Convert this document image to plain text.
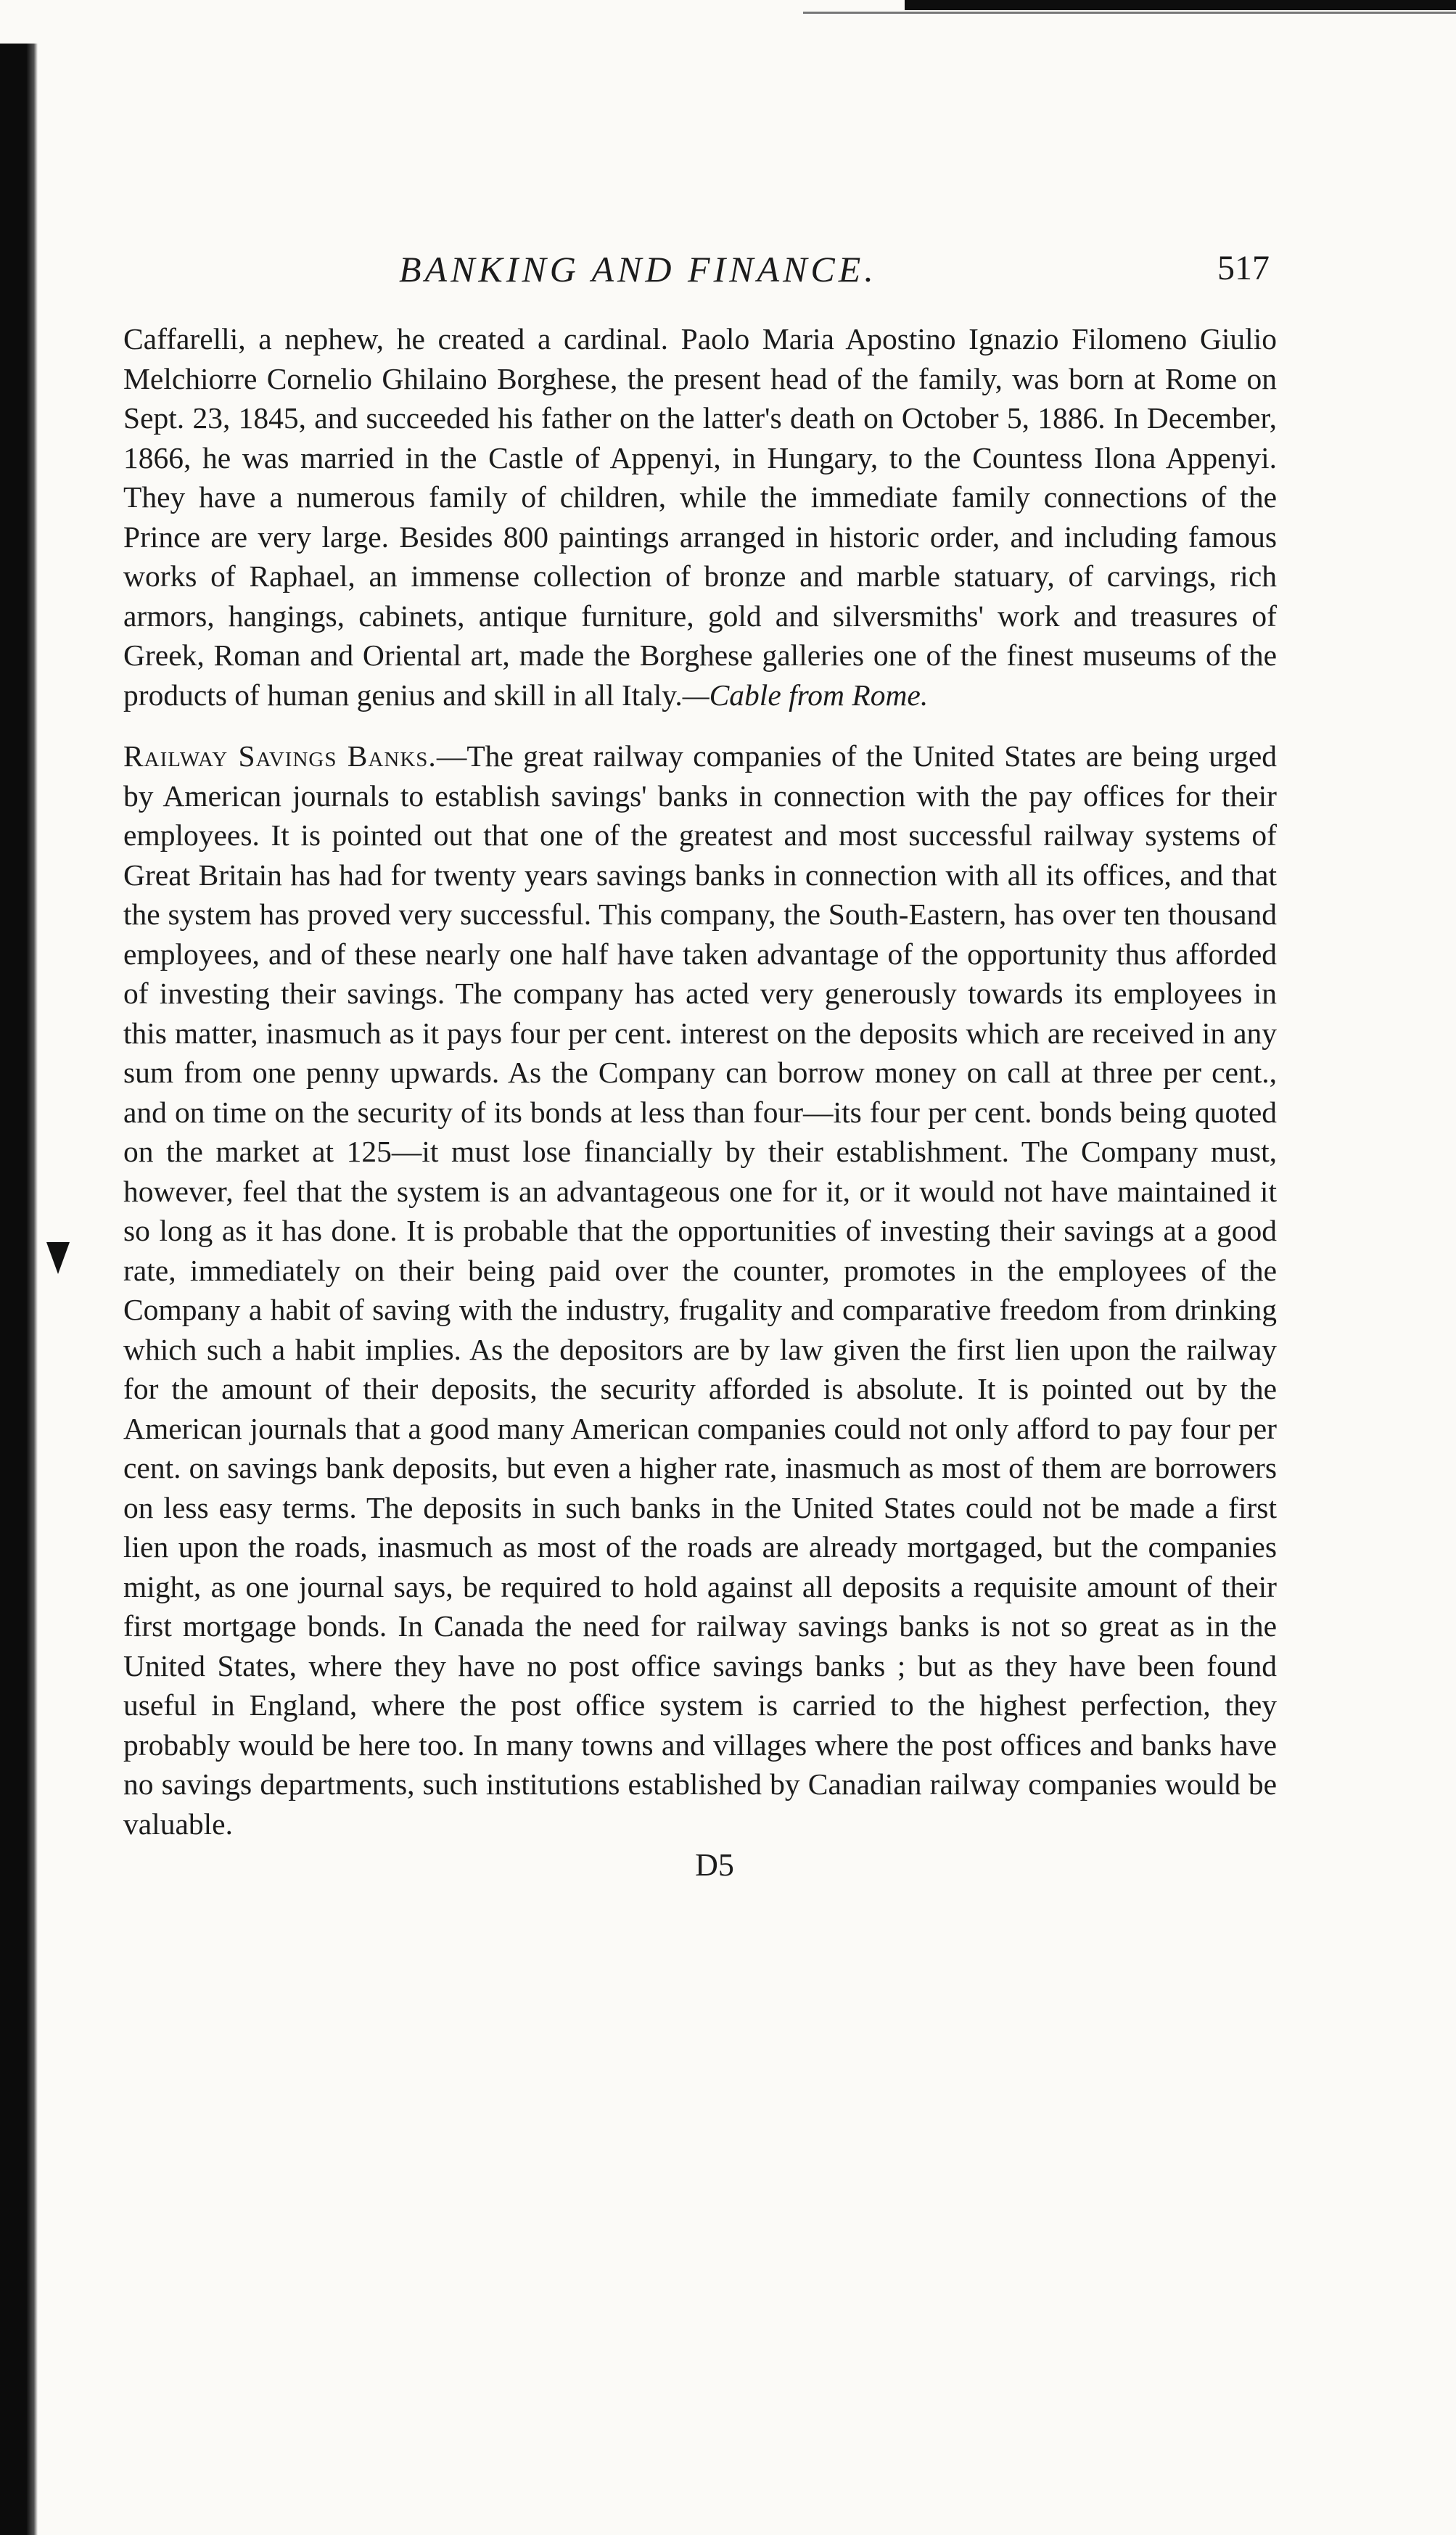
BANKING AND FINANCE.	517

Caffarelli, a nephew, he created a cardinal. Paolo Maria Apostino Ignazio Filomeno Giulio Melchiorre Cornelio Ghilaino Borghese, the present head of the family, was born at Rome on Sept. 23, 1845, and succeeded his father on the latter's death on October 5, 1886. In December, 1866, he was married in the Castle of Appenyi, in Hungary, to the Countess Ilona Appenyi. They have a numerous family of children, while the immediate family connections of the Prince are very large. Besides 800 paintings arranged in historic order, and including famous works of Raphael, an immense collection of bronze and marble statuary, of carvings, rich armors, hangings, cabinets, antique furniture, gold and silversmiths' work and treasures of Greek, Roman and Oriental art, made the Borghese galleries one of the finest museums of the products of human genius and skill in all Italy.—Cable from Rome.

Railway Savings Banks.—The great railway companies of the United States are being urged by American journals to establish savings' banks in connection with the pay offices for their employees. It is pointed out that one of the greatest and most successful railway systems of Great Britain has had for twenty years savings banks in connection with all its offices, and that the system has proved very successful. This company, the South-Eastern, has over ten thousand employees, and of these nearly one half have taken advantage of the opportunity thus afforded of investing their savings. The company has acted very generously towards its employees in this matter, inasmuch as it pays four per cent. interest on the deposits which are received in any sum from one penny upwards. As the Company can borrow money on call at three per cent., and on time on the security of its bonds at less than four—its four per cent. bonds being quoted on the market at 125—it must lose financially by their establishment. The Company must, however, feel that the system is an advantageous one for it, or it would not have maintained it so long as it has done. It is probable that the opportunities of investing their savings at a good rate, immediately on their being paid over the counter, promotes in the employees of the Company a habit of saving with the industry, frugality and comparative freedom from drinking which such a habit implies. As the depositors are by law given the first lien upon the railway for the amount of their deposits, the security afforded is absolute. It is pointed out by the American journals that a good many American companies could not only afford to pay four per cent. on savings bank deposits, but even a higher rate, inasmuch as most of them are borrowers on less easy terms. The deposits in such banks in the United States could not be made a first lien upon the roads, inasmuch as most of the roads are already mortgaged, but the companies might, as one journal says, be required to hold against all deposits a requisite amount of their first mortgage bonds. In Canada the need for railway savings banks is not so great as in the United States, where they have no post office savings banks ; but as they have been found useful in England, where the post office system is carried to the highest perfection, they probably would be here too. In many towns and villages where the post offices and banks have no savings departments, such institutions established by Canadian railway companies would be valuable.

D5
